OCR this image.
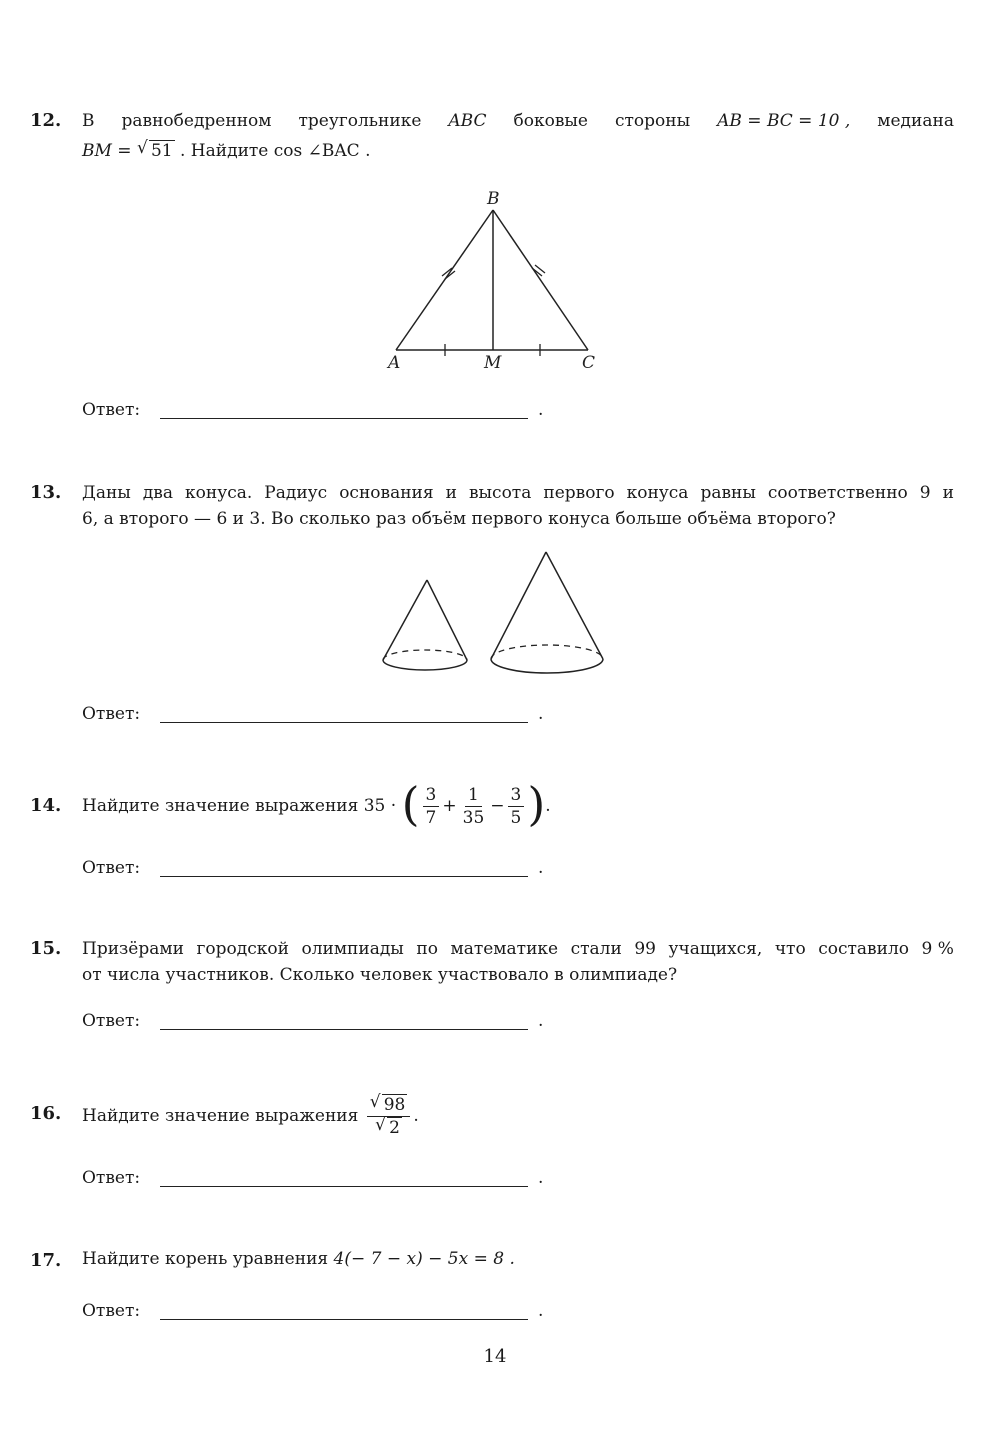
12. В равнобедренном треугольнике ABC боковые стороны AB = BC = 10 , медиана
BM = √ 51 . Найдите cos ∠BAC .
B
A	M	C
Ответ:	.
13. Даны два конуса. Радиус основания и высота первого конуса равны соответственно 9 и
6, а второго — 6 и 3. Во сколько раз объём первого конуса больше объёма второго?
Ответ:	.
14. Найдите значение выражения 35 · ( $\frac{3}{7} + \frac{1}{35} - \frac{3}{5}$ ).
Ответ:	.
15. Призёрами городской олимпиады по математике стали 99 учащихся, что составило 9 %
от числа участников. Сколько человек участвовало в олимпиаде?
Ответ:	.
16. Найдите значение выражения $\frac{√ 98}{√ 2}$ .
Ответ:	.
17. Найдите корень уравнения 4(− 7 − x) − 5x = 8 .
Ответ:	.
14
